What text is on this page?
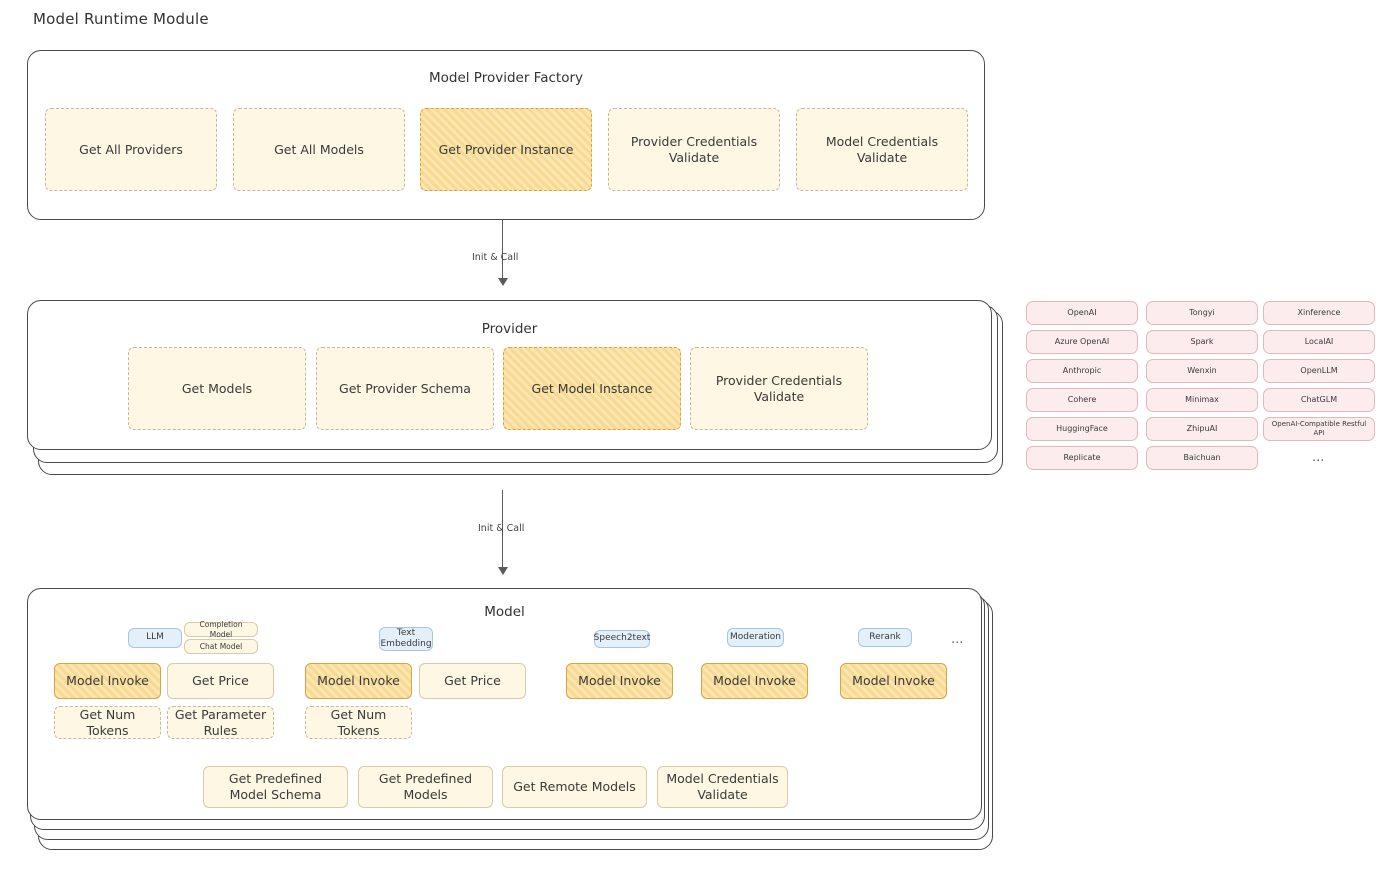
Model Runtime Module
Model Provider Factory
Get All Providers	Get All Models	Get Provider Instance
Provider Credentials Validate
Model Credentials Validate
Init & Call
Provider
Get Models	Get Provider Schema	Get Model Instance
Provider Credentials Validate
OpenAI
Azure OpenAI
Anthropic
Cohere
HuggingFace
Replicate
Tongyi
Spark
Wenxin
Minimax
ZhipuAI
Baichuan
Xinference
LocalAI
OpenLLM
ChatGLM
OpenAI-Compatible Restful API
...
Init & Call
Model
LLM
Completion Model
Chat Model
Text Embedding
Speech2text	Moderation	Rerank	...
Model Invoke	Get Price
Get Num Tokens
Get Parameter Rules
Model Invoke	Get Price
Get Num Tokens
Model Invoke	Model Invoke	Model Invoke
Get Predefined Model Schema
Get Predefined Models
Get Remote Models
Model Credentials Validate
